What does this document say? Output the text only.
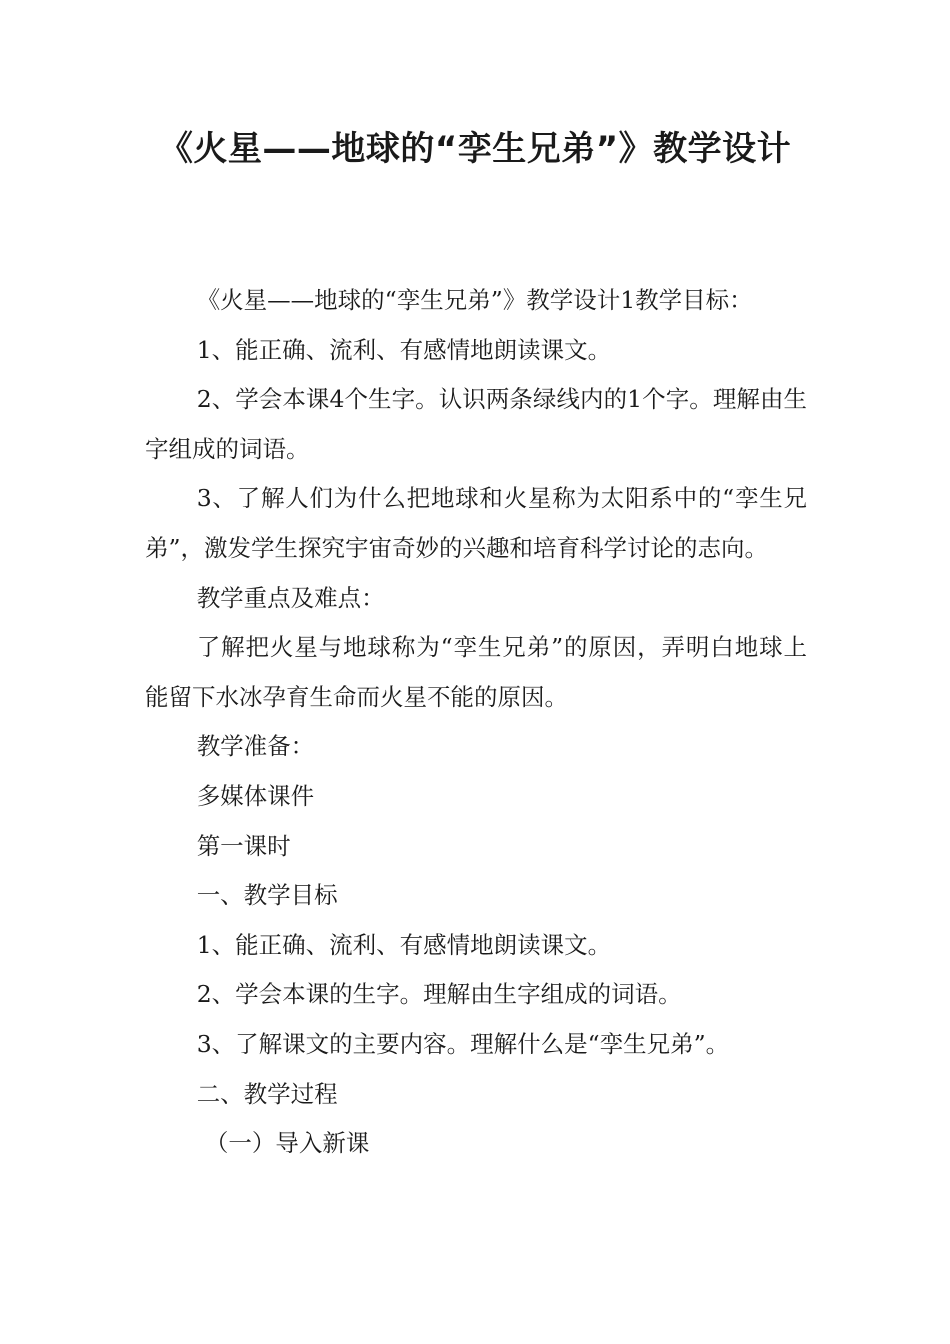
《火星——地球的“孪生兄弟”》教学设计

《火星——地球的“孪生兄弟”》教学设计1教学目标：

1、能正确、流利、有感情地朗读课文。

2、学会本课4个生字。认识两条绿线内的1个字。理解由生字组成的词语。

3、了解人们为什么把地球和火星称为太阳系中的“孪生兄弟”，激发学生探究宇宙奇妙的兴趣和培育科学讨论的志向。

教学重点及难点：

了解把火星与地球称为“孪生兄弟”的原因，弄明白地球上能留下水冰孕育生命而火星不能的原因。

教学准备：

多媒体课件

第一课时

一、教学目标

1、能正确、流利、有感情地朗读课文。

2、学会本课的生字。理解由生字组成的词语。

3、了解课文的主要内容。理解什么是“孪生兄弟”。

二、教学过程

（一）导入新课
